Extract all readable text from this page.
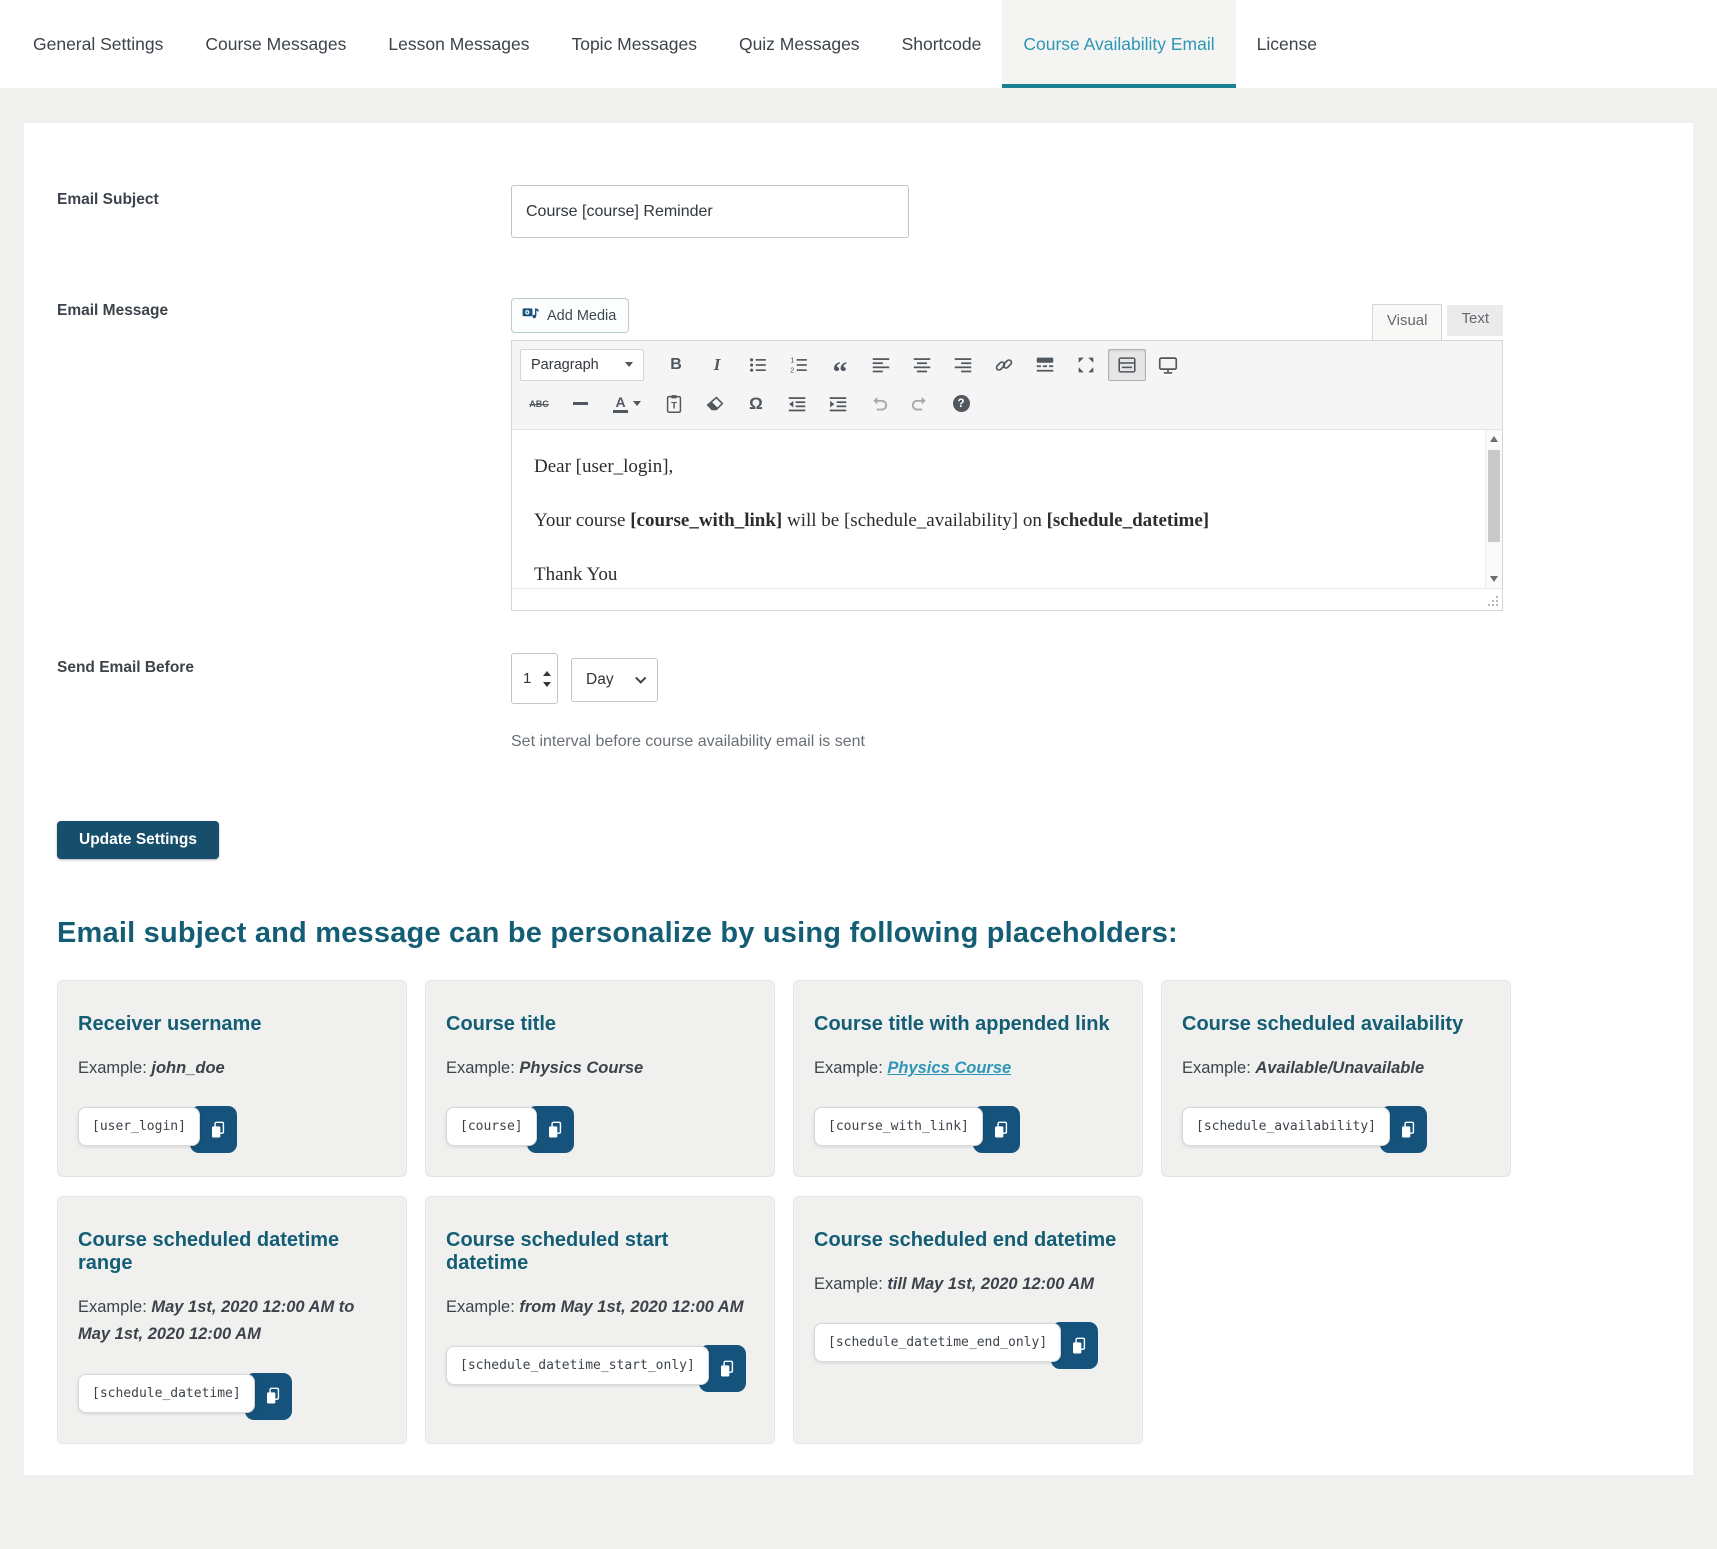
General Settings	Course Messages	Lesson Messages	Topic Messages	Quiz Messages	Shortcode	Course Availability Email	License
Email Subject
Course [course] Reminder
Email Message	Add Media	Visual	Text
Paragraph	B I	1
2 “
ABC	A	T	Ω	?

Dear [user_login],

Your course [course_with_link] will be [schedule_availability] on [schedule_datetime]

Thank You

Send Email Before
1	Day
Set interval before course availability email is sent
Update Settings
Email subject and message can be personalize by using following placeholders:
Receiver username
Example: john_doe
[user_login]
Course title
Example: Physics Course
[course]
Course title with appended link
Example: Physics Course
[course_with_link]
Course scheduled availability
Example: Available/Unavailable
[schedule_availability]
Course scheduled datetime range
Example: May 1st, 2020 12:00 AM to May 1st, 2020 12:00 AM
[schedule_datetime]
Course scheduled start datetime
Example: from May 1st, 2020 12:00 AM
[schedule_datetime_start_only]
Course scheduled end datetime
Example: till May 1st, 2020 12:00 AM
[schedule_datetime_end_only]
